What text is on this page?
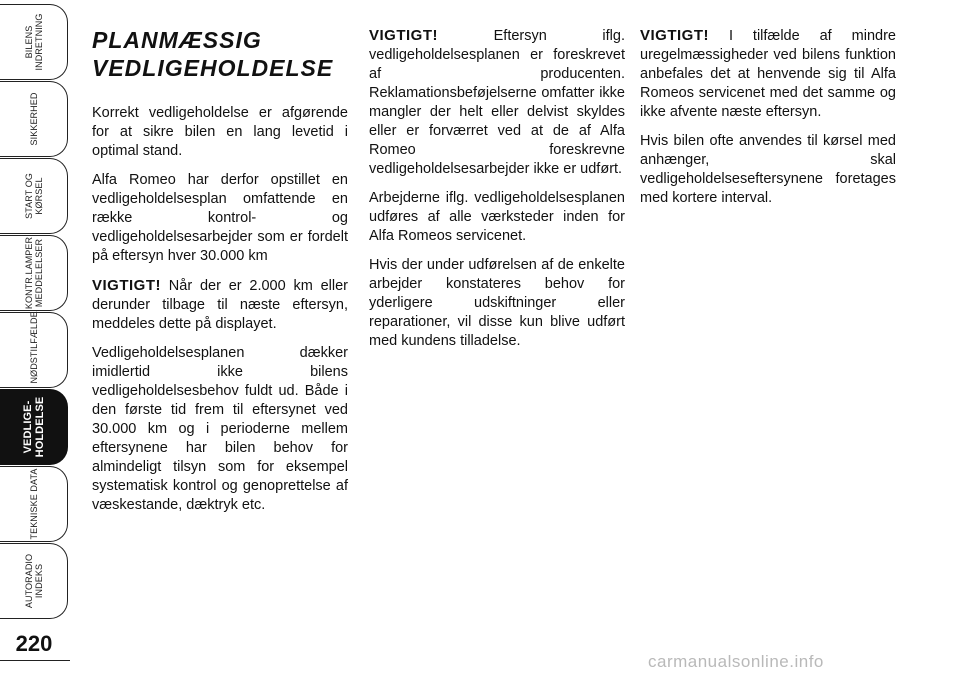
BILENS
INDRETNING
SIKKERHED
START OG
KØRSEL
KONTR.LAMPER
MEDDELELSER
I NØDSTILFÆLDE
VEDLIGE-
HOLDELSE
TEKNISKE DATA
AUTORADIO
INDEKS
220
PLANMÆSSIG
VEDLIGEHOLDELSE

Korrekt vedligeholdelse er afgørende for at sikre bilen en lang levetid i optimal stand.

Alfa Romeo har derfor opstillet en vedligeholdelsesplan omfattende en række kontrol- og vedligeholdelsesarbejder som er fordelt på eftersyn hver 30.000 km

VIGTIGT! Når der er 2.000 km eller derunder tilbage til næste eftersyn, meddeles dette på displayet.

Vedligeholdelsesplanen dækker imidlertid ikke bilens vedligeholdelsesbehov fuldt ud. Både i den første tid frem til eftersynet ved 30.000 km og i perioderne mellem eftersynene har bilen behov for almindeligt tilsyn som for eksempel systematisk kontrol og genoprettelse af væskestande, dæktryk etc.

VIGTIGT! Eftersyn iflg. vedligeholdelsesplanen er foreskrevet af producenten. Reklamationsbeføjelserne omfatter ikke mangler der helt eller delvist skyldes eller er forværret ved at de af Alfa Romeo foreskrevne vedligeholdelsesarbejder ikke er udført.

Arbejderne iflg. vedligeholdelsesplanen udføres af alle værksteder inden for Alfa Romeos servicenet.

Hvis der under udførelsen af de enkelte arbejder konstateres behov for yderligere udskiftninger eller reparationer, vil disse kun blive udført med kundens tilladelse.

VIGTIGT! I tilfælde af mindre uregelmæssigheder ved bilens funktion anbefales det at henvende sig til Alfa Romeos servicenet med det samme og ikke afvente næste eftersyn.

Hvis bilen ofte anvendes til kørsel med anhænger, skal vedligeholdelseseftersynene foretages med kortere interval.

carmanualsonline.info
